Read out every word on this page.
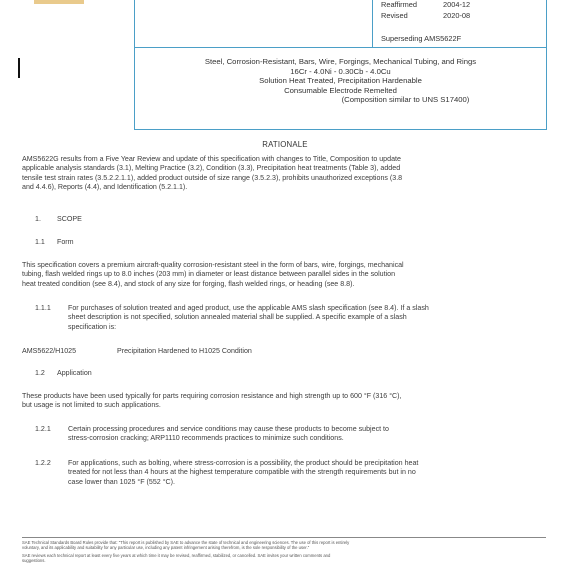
Reaffirmed	2004-12
Revised	2020-08
Superseding AMS5622F
Steel, Corrosion-Resistant, Bars, Wire, Forgings, Mechanical Tubing, and Rings
16Cr - 4.0Ni - 0.30Cb - 4.0Cu
Solution Heat Treated, Precipitation Hardenable
Consumable Electrode Remelted
(Composition similar to UNS S17400)
RATIONALE
AMS5622G results from a Five Year Review and update of this specification with changes to Title, Composition to update
applicable analysis standards (3.1), Melting Practice (3.2), Condition (3.3), Precipitation heat treatments (Table 3), added
tensile test strain rates (3.5.2.2.1.1), added product outside of size range (3.5.2.3), prohibits unauthorized exceptions (3.8
and 4.4.6), Reports (4.4), and Identification (5.2.1.1).
1. SCOPE
1.1 Form
This specification covers a premium aircraft-quality corrosion-resistant steel in the form of bars, wire, forgings, mechanical
tubing, flash welded rings up to 8.0 inches (203 mm) in diameter or least distance between parallel sides in the solution
heat treated condition (see 8.4), and stock of any size for forging, flash welded rings, or heading (see 8.8).
1.1.1 For purchases of solution treated and aged product, use the applicable AMS slash specification (see 8.4). If a slash
sheet description is not specified, solution annealed material shall be supplied. A specific example of a slash
specification is:
AMS5622/H1025	Precipitation Hardened to H1025 Condition
1.2 Application
These products have been used typically for parts requiring corrosion resistance and high strength up to 600 °F (316 °C),
but usage is not limited to such applications.
1.2.1 Certain processing procedures and service conditions may cause these products to become subject to
stress-corrosion cracking; ARP1110 recommends practices to minimize such conditions.
1.2.2 For applications, such as bolting, where stress-corrosion is a possibility, the product should be precipitation heat
treated for not less than 4 hours at the highest temperature compatible with the strength requirements but in no
case lower than 1025 °F (552 °C).
SAE Technical Standards Board Rules provide that: "This report is published by SAE to advance the state of technical and engineering sciences. The use of this report is entirely
voluntary, and its applicability and suitability for any particular use, including any patent infringement arising therefrom, is the sole responsibility of the user."
SAE reviews each technical report at least every five years at which time it may be revised, reaffirmed, stabilized, or cancelled. SAE invites your written comments and
suggestions.
